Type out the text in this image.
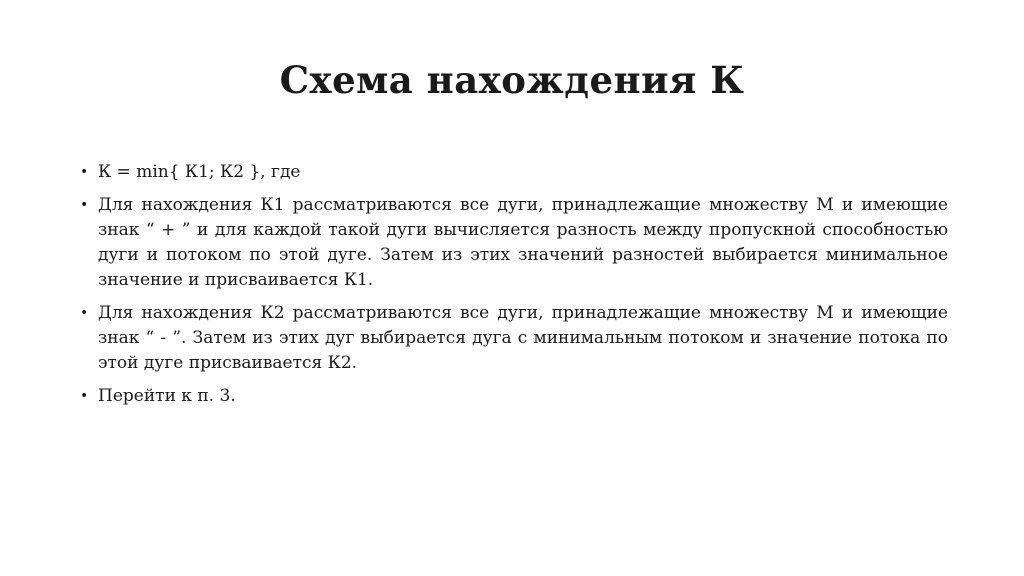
Схема нахождения К
• К = min{ К1; К2 }, где
• Для нахождения К1 рассматриваются все дуги, принадлежащие множеству М и имеющие знак “ + ” и для каждой такой дуги вычисляется разность между пропускной способностью дуги и потоком по этой дуге. Затем из этих значений разностей выбирается минимальное значение и присваивается К1.
• Для нахождения К2 рассматриваются все дуги, принадлежащие множеству М и имеющие знак “ - ”. Затем из этих дуг выбирается дуга с минимальным потоком и значение потока по этой дуге присваивается К2.
• Перейти к п. 3.
